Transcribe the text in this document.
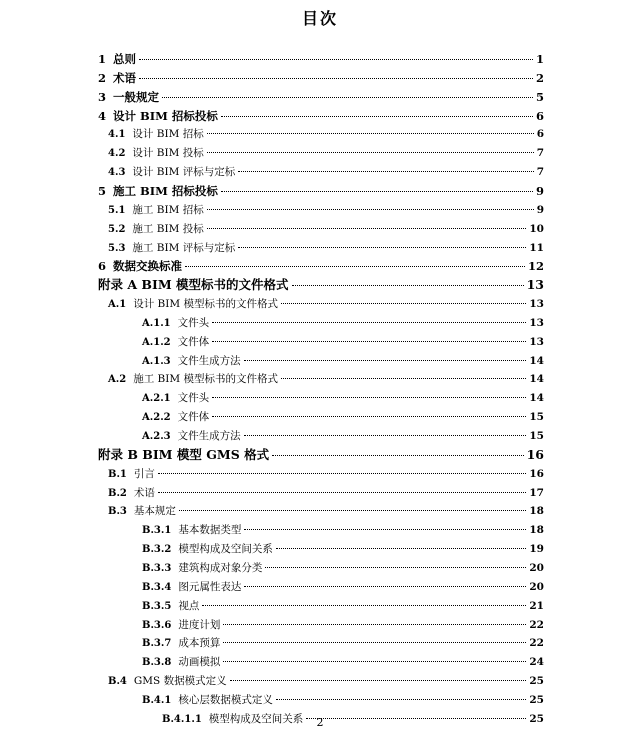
目次
1 总则	1
2 术语	2
3 一般规定	5
4 设计 BIM 招标投标	6
4.1 设计 BIM 招标	6
4.2 设计 BIM 投标	7
4.3 设计 BIM 评标与定标	7
5 施工 BIM 招标投标	9
5.1 施工 BIM 招标	9
5.2 施工 BIM 投标	10
5.3 施工 BIM 评标与定标	11
6 数据交换标准	12
附录 A BIM 模型标书的文件格式	13
A.1 设计 BIM 模型标书的文件格式	13
A.1.1 文件头	13
A.1.2 文件体	13
A.1.3 文件生成方法	14
A.2 施工 BIM 模型标书的文件格式	14
A.2.1 文件头	14
A.2.2 文件体	15
A.2.3 文件生成方法	15
附录 B BIM 模型 GMS 格式	16
B.1 引言	16
B.2 术语	17
B.3 基本规定	18
B.3.1 基本数据类型	18
B.3.2 模型构成及空间关系	19
B.3.3 建筑构成对象分类	20
B.3.4 图元属性表达	20
B.3.5 视点	21
B.3.6 进度计划	22
B.3.7 成本预算	22
B.3.8 动画模拟	24
B.4 GMS 数据模式定义	25
B.4.1 核心层数据模式定义	25
B.4.1.1 模型构成及空间关系	25
2
